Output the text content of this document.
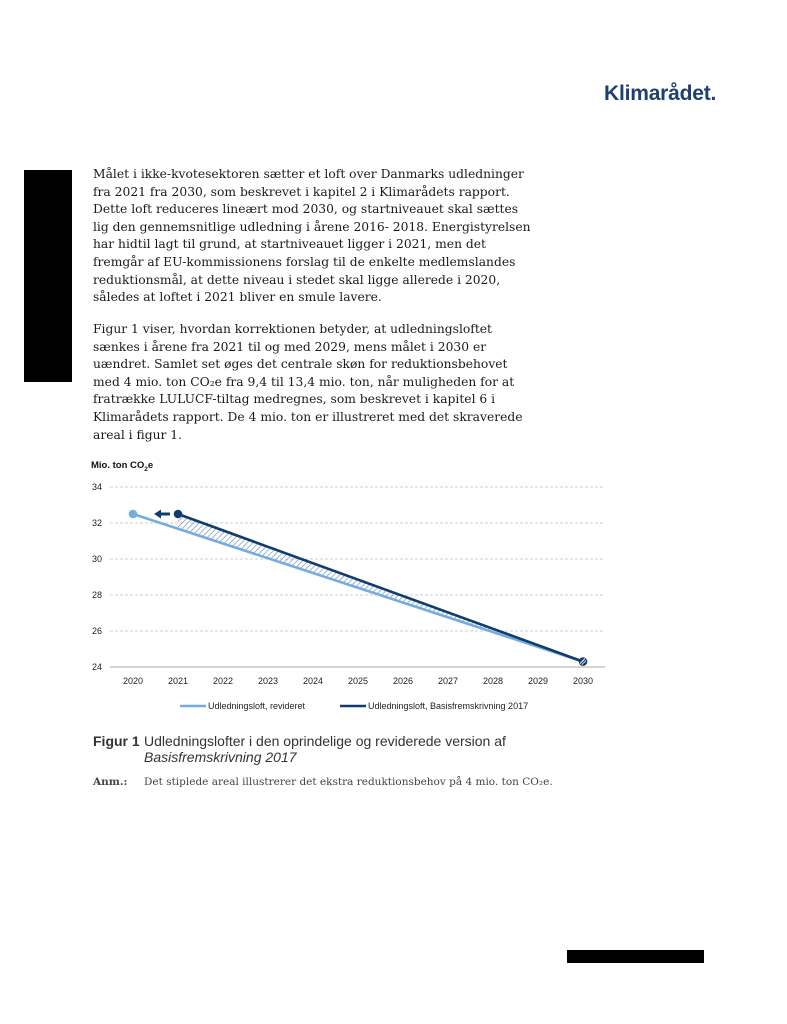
Klimarådet.

Målet i ikke-kvotesektoren sætter et loft over Danmarks udledninger fra 2021 fra 2030, som beskrevet i kapitel 2 i Klimarådets rapport. Dette loft reduceres lineært mod 2030, og startniveauet skal sættes lig den gennemsnitlige udledning i årene 2016- 2018. Energistyrelsen har hidtil lagt til grund, at startniveauet ligger i 2021, men det fremgår af EU-kommissionens forslag til de enkelte medlemslandes reduktionsmål, at dette niveau i stedet skal ligge allerede i 2020, således at loftet i 2021 bliver en smule lavere.

Figur 1 viser, hvordan korrektionen betyder, at udledningsloftet sænkes i årene fra 2021 til og med 2029, mens målet i 2030 er uændret. Samlet set øges det centrale skøn for reduktionsbehovet med 4 mio. ton CO₂e fra 9,4 til 13,4 mio. ton, når muligheden for at fratrække LULUCF-tiltag medregnes, som beskrevet i kapitel 6 i Klimarådets rapport. De 4 mio. ton er illustreret med det skraverede areal i figur 1.

Mio. ton $CO_2e$
24
26
28
30
32
34
2020	2021	2022	2023	2024	2025	2026	2027	2028	2029	2030
Udledningsloft, revideret	Udledningsloft, Basisfremskrivning 2017
Figur 1 Udledningslofter i den oprindelige og reviderede version af
Basisfremskrivning 2017
Anm.: Det stiplede areal illustrerer det ekstra reduktionsbehov på 4 mio. ton CO₂e.
